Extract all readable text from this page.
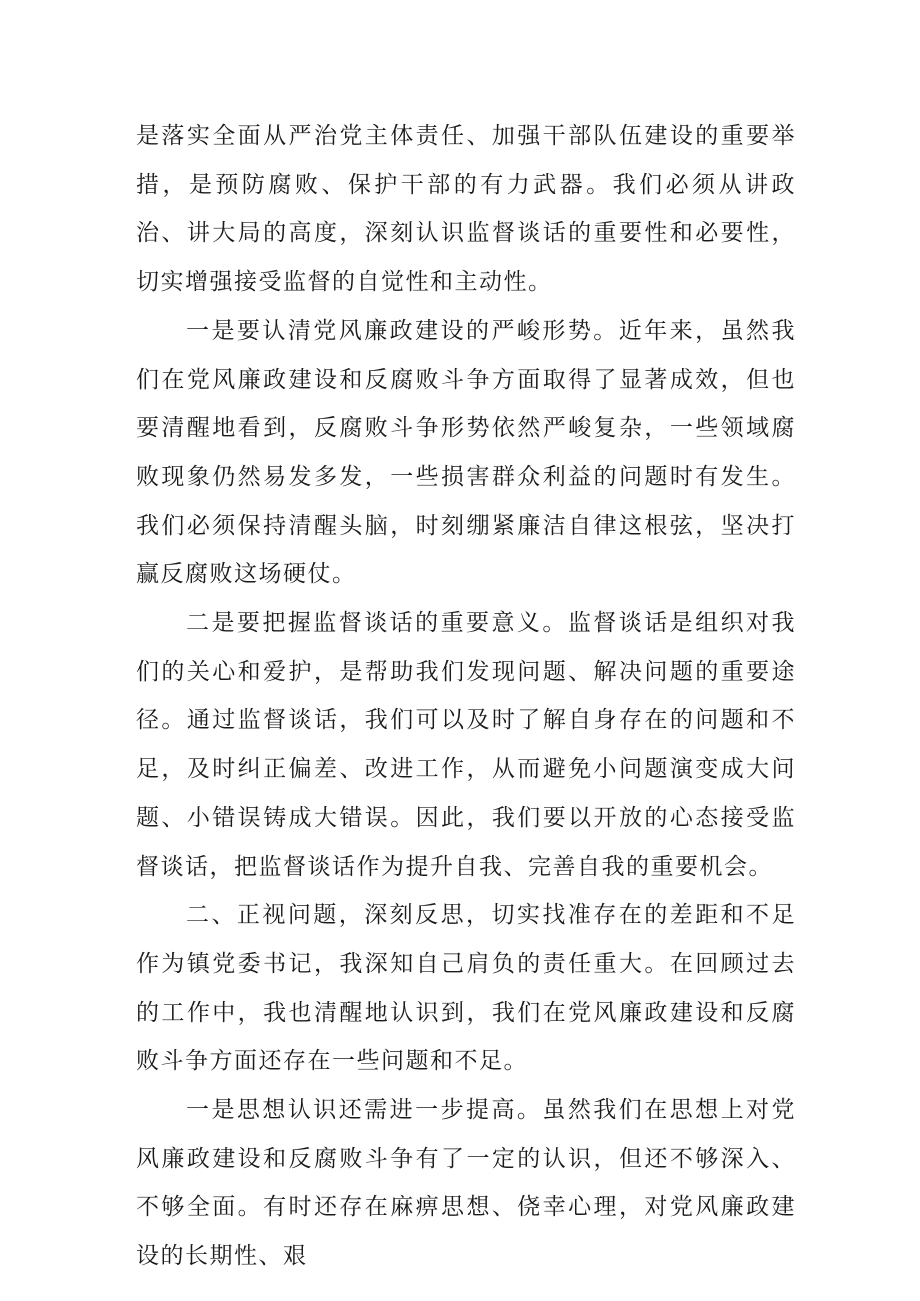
是落实全面从严治党主体责任、加强干部队伍建设的重要举措，是预防腐败、保护干部的有力武器。我们必须从讲政治、讲大局的高度，深刻认识监督谈话的重要性和必要性，切实增强接受监督的自觉性和主动性。

一是要认清党风廉政建设的严峻形势。近年来，虽然我们在党风廉政建设和反腐败斗争方面取得了显著成效，但也要清醒地看到，反腐败斗争形势依然严峻复杂，一些领域腐败现象仍然易发多发，一些损害群众利益的问题时有发生。我们必须保持清醒头脑，时刻绷紧廉洁自律这根弦，坚决打赢反腐败这场硬仗。

二是要把握监督谈话的重要意义。监督谈话是组织对我们的关心和爱护，是帮助我们发现问题、解决问题的重要途径。通过监督谈话，我们可以及时了解自身存在的问题和不足，及时纠正偏差、改进工作，从而避免小问题演变成大问题、小错误铸成大错误。因此，我们要以开放的心态接受监督谈话，把监督谈话作为提升自我、完善自我的重要机会。

二、正视问题，深刻反思，切实找准存在的差距和不足作为镇党委书记，我深知自己肩负的责任重大。在回顾过去的工作中，我也清醒地认识到，我们在党风廉政建设和反腐败斗争方面还存在一些问题和不足。

一是思想认识还需进一步提高。虽然我们在思想上对党风廉政建设和反腐败斗争有了一定的认识，但还不够深入、不够全面。有时还存在麻痹思想、侥幸心理，对党风廉政建设的长期性、艰
